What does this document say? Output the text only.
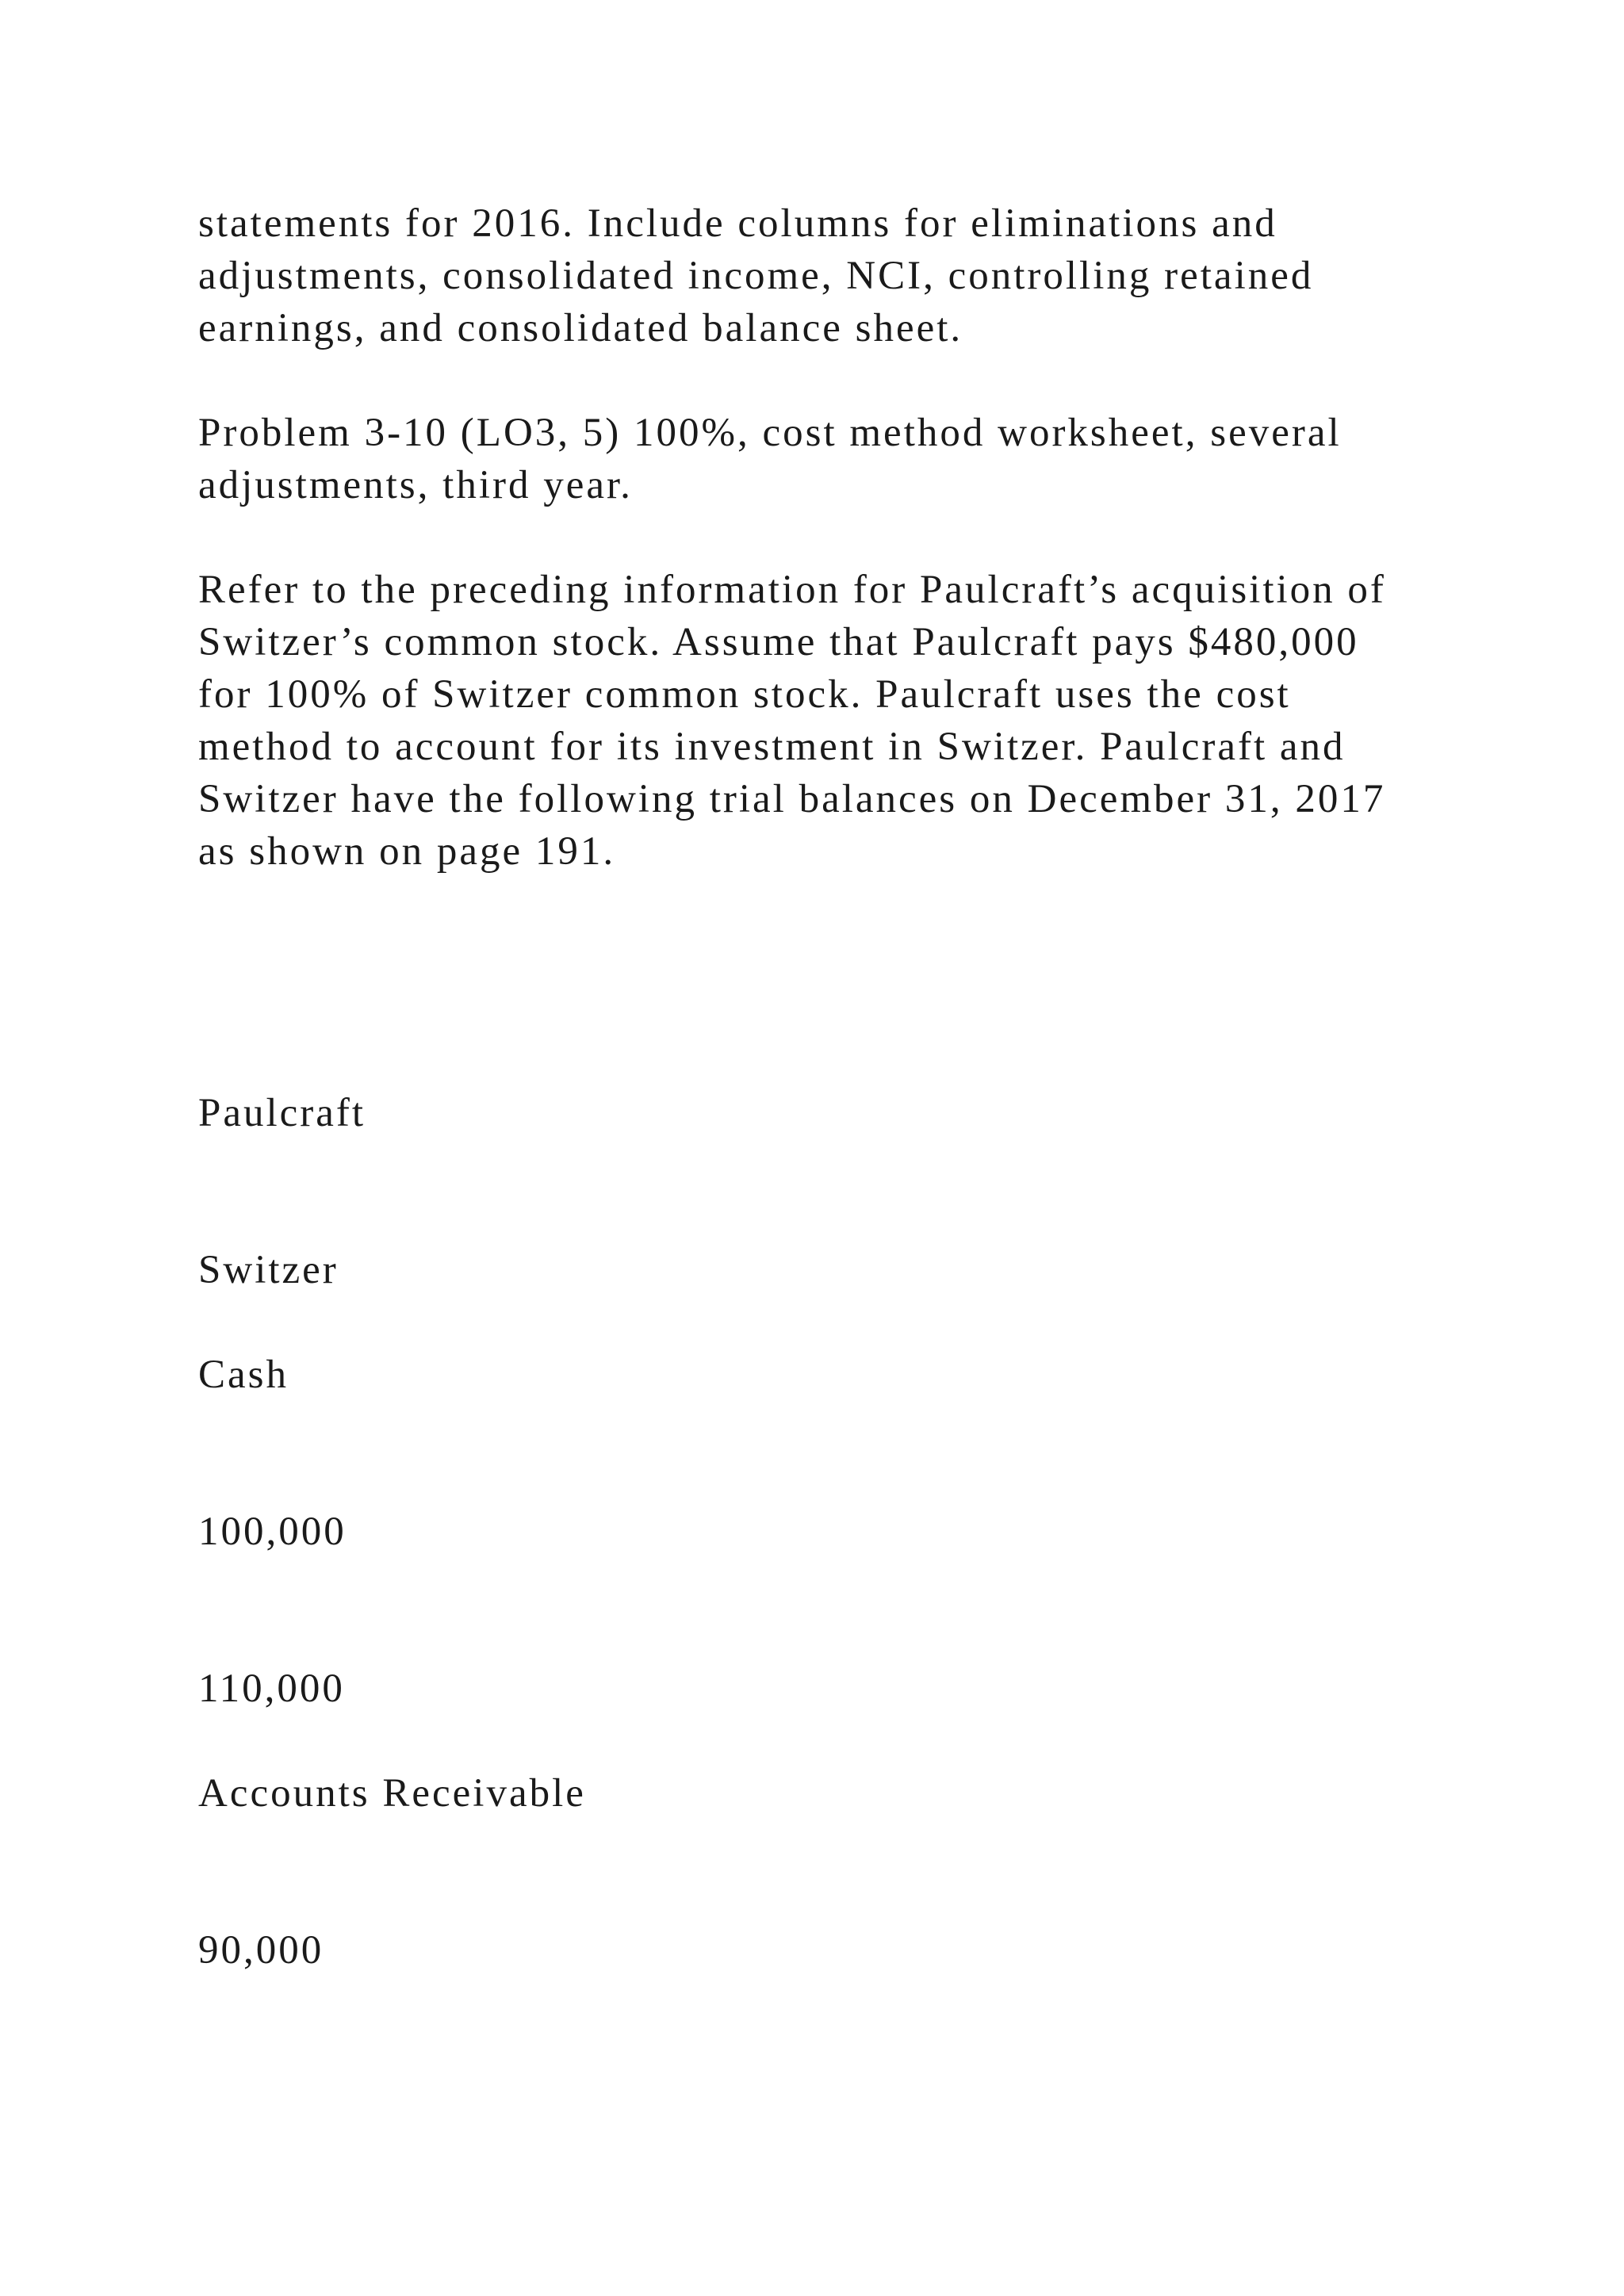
statements for 2016. Include columns for eliminations and

adjustments, consolidated income, NCI, controlling retained

earnings, and consolidated balance sheet.

Problem 3-10 (LO3, 5) 100%, cost method worksheet, several

adjustments, third year.

Refer to the preceding information for Paulcraft’s acquisition of

Switzer’s common stock. Assume that Paulcraft pays $480,000

for 100% of Switzer common stock. Paulcraft uses the cost

method to account for its investment in Switzer. Paulcraft and

Switzer have the following trial balances on December 31, 2017

as shown on page 191.

Paulcraft

Switzer

Cash

100,000

110,000

Accounts Receivable

90,000
